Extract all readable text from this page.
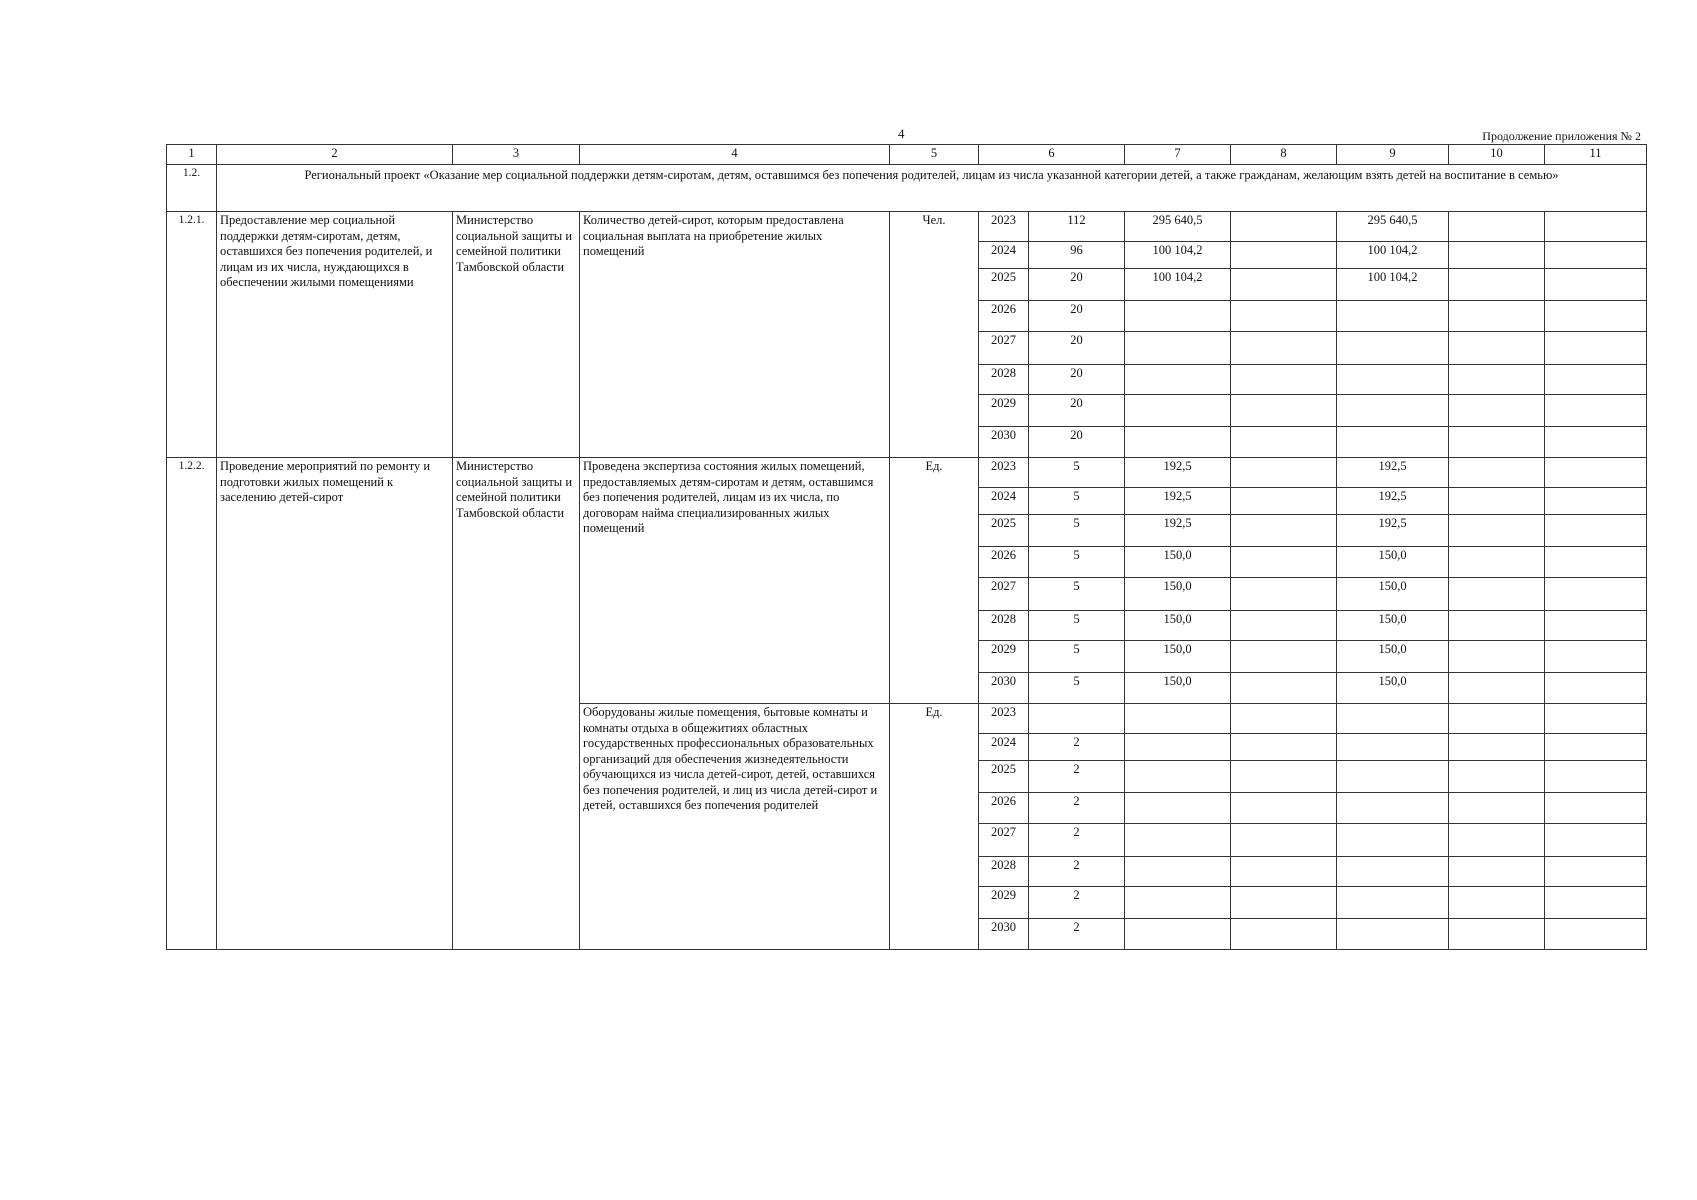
4	Продолжение приложения № 2
1	2	3	4	5	6		7	8	9	10	11
1.2.	Региональный проект «Оказание мер социальной поддержки детям-сиротам, детям, оставшимся без попечения родителей, лицам из числа указанной категории детей, а также гражданам, желающим взять детей на воспитание в семью»										
1.2.1.	Предоставление мер социальной поддержки детям-сиротам, детям, оставшихся без попечения родителей, и лицам из их числа, нуждающихся в обеспечении жилыми помещениями	Министерство социальной защиты и семейной политики Тамбовской области	Количество детей-сирот, которым предоставлена социальная выплата на приобретение жилых помещений	Чел.	2023	112	295 640,5		295 640,5		
					2024	96	100 104,2		100 104,2		
					2025	20	100 104,2		100 104,2		
					2026	20					
					2027	20					
					2028	20					
					2029	20					
					2030	20					
1.2.2.	Проведение мероприятий по ремонту и подготовки жилых помещений к заселению детей-сирот	Министерство социальной защиты и семейной политики Тамбовской области	Проведена экспертиза состояния жилых помещений, предоставляемых детям-сиротам и детям, оставшимся без попечения родителей, лицам из их числа, по договорам найма специализированных жилых помещений	Ед.	2023	5	192,5		192,5		
					2024	5	192,5		192,5		
					2025	5	192,5		192,5		
					2026	5	150,0		150,0		
					2027	5	150,0		150,0		
					2028	5	150,0		150,0		
					2029	5	150,0		150,0		
					2030	5	150,0		150,0		
			Оборудованы жилые помещения, бытовые комнаты и комнаты отдыха в общежитиях областных государственных профессиональных образовательных организаций для обеспечения жизнедеятельности обучающихся из числа детей-сирот, детей, оставшихся без попечения родителей, и лиц из числа детей-сирот и детей, оставшихся без попечения родителей	Ед.	2023						
					2024	2					
					2025	2					
					2026	2					
					2027	2					
					2028	2					
					2029	2					
					2030	2					
